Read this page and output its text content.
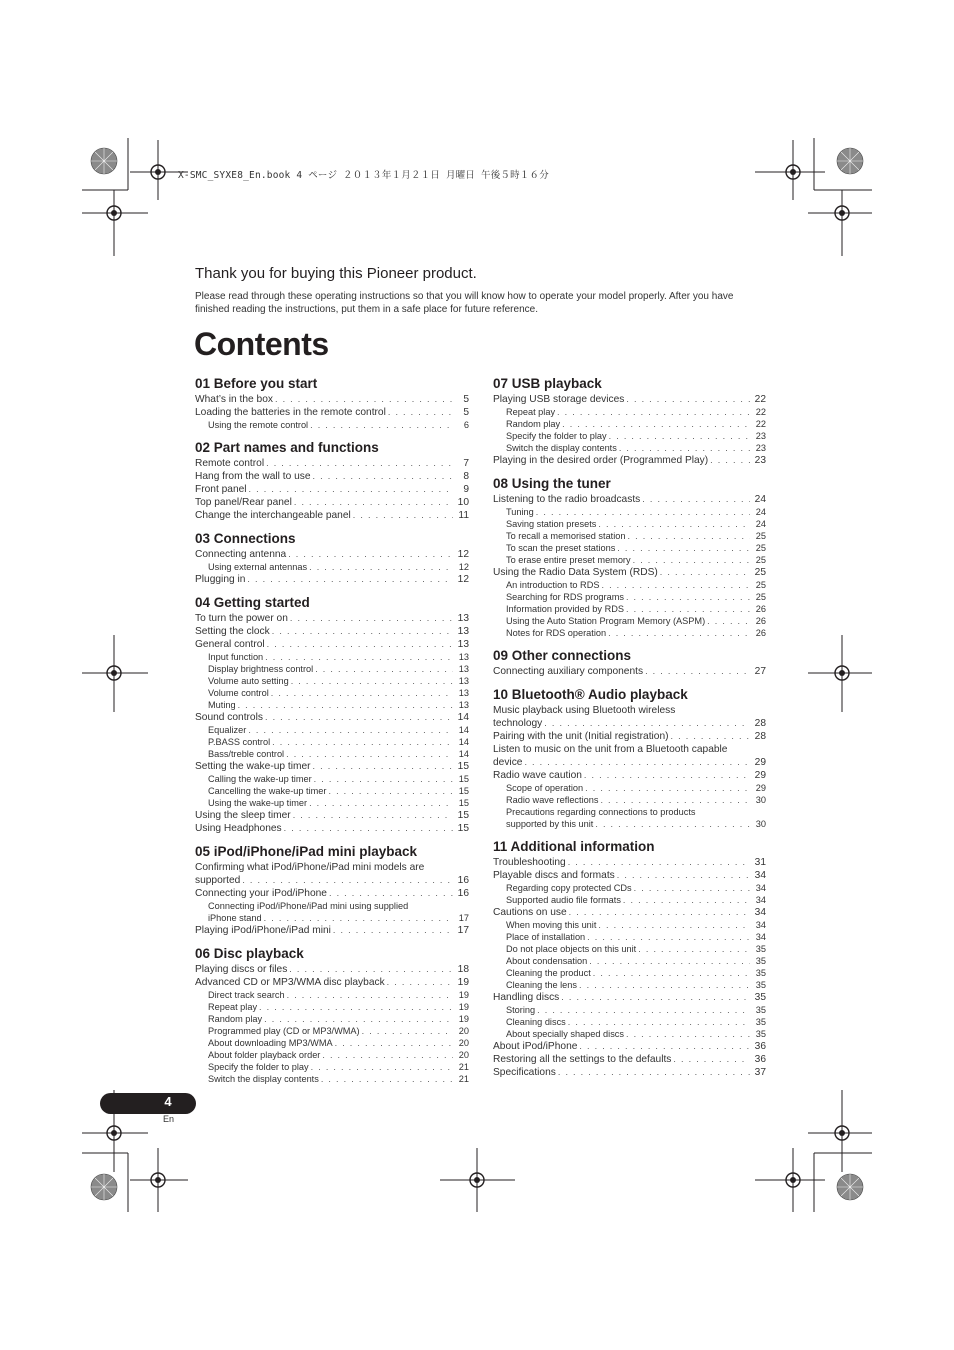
X-SMC_SYXE8_En.book 4 ページ ２０１３年１月２１日 月曜日 午後５時１６分
Thank you for buying this Pioneer product.
Please read through these operating instructions so that you will know how to operate your model properly. After you have finished reading the instructions, put them in a safe place for future reference.
Contents
01 Before you start
What’s in the box . . .	5
Loading the batteries in the remote control . . .	5
Using the remote control . . .	6
02 Part names and functions
Remote control . . .	7
Hang from the wall to use . . .	8
Front panel . . .	9
Top panel/Rear panel . . .	10
Change the interchangeable panel . . .	11
03 Connections
Connecting antenna . . .	12
Using external antennas . . .	12
Plugging in . . .	12
04 Getting started
To turn the power on . . .	13
Setting the clock . . .	13
General control . . .	13
Input function . . .	13
Display brightness control . . .	13
Volume auto setting . . .	13
Volume control . . .	13
Muting . . .	13
Sound controls . . .	14
Equalizer . . .	14
P.BASS control . . .	14
Bass/treble control . . .	14
Setting the wake-up timer . . .	15
Calling the wake-up timer . . .	15
Cancelling the wake-up timer . . .	15
Using the wake-up timer . . .	15
Using the sleep timer . . .	15
Using Headphones . . .	15
05 iPod/iPhone/iPad mini playback
Confirming what iPod/iPhone/iPad mini models are
supported . . .	16
Connecting your iPod/iPhone . . .	16
Connecting iPod/iPhone/iPad mini using supplied
iPhone stand . . .	17
Playing iPod/iPhone/iPad mini . . .	17
06 Disc playback
Playing discs or files . . .	18
Advanced CD or MP3/WMA disc playback . . .	19
Direct track search . . .	19
Repeat play . . .	19
Random play . . .	19
Programmed play (CD or MP3/WMA) . . .	20
About downloading MP3/WMA . . .	20
About folder playback order . . .	20
Specify the folder to play . . .	21
Switch the display contents . . .	21
07 USB playback
Playing USB storage devices . . .	22
Repeat play . . .	22
Random play . . .	22
Specify the folder to play . . .	23
Switch the display contents . . .	23
Playing in the desired order (Programmed Play) . . .	23
08 Using the tuner
Listening to the radio broadcasts . . .	24
Tuning . . .	24
Saving station presets . . .	24
To recall a memorised station . . .	25
To scan the preset stations . . .	25
To erase entire preset memory . . .	25
Using the Radio Data System (RDS) . . .	25
An introduction to RDS . . .	25
Searching for RDS programs . . .	25
Information provided by RDS . . .	26
Using the Auto Station Program Memory (ASPM) . . .	26
Notes for RDS operation . . .	26
09 Other connections
Connecting auxiliary components . . .	27
10 Bluetooth® Audio playback
Music playback using Bluetooth wireless
technology . . .	28
Pairing with the unit (Initial registration) . . .	28
Listen to music on the unit from a Bluetooth capable
device . . .	29
Radio wave caution . . .	29
Scope of operation . . .	29
Radio wave reflections . . .	30
Precautions regarding connections to products
supported by this unit . . .	30
11 Additional information
Troubleshooting . . .	31
Playable discs and formats . . .	34
Regarding copy protected CDs . . .	34
Supported audio file formats . . .	34
Cautions on use . . .	34
When moving this unit . . .	34
Place of installation . . .	34
Do not place objects on this unit . . .	35
About condensation . . .	35
Cleaning the product . . .	35
Cleaning the lens . . .	35
Handling discs . . .	35
Storing . . .	35
Cleaning discs . . .	35
About specially shaped discs . . .	35
About iPod/iPhone . . .	36
Restoring all the settings to the defaults . . .	36
Specifications . . .	37
4
En
